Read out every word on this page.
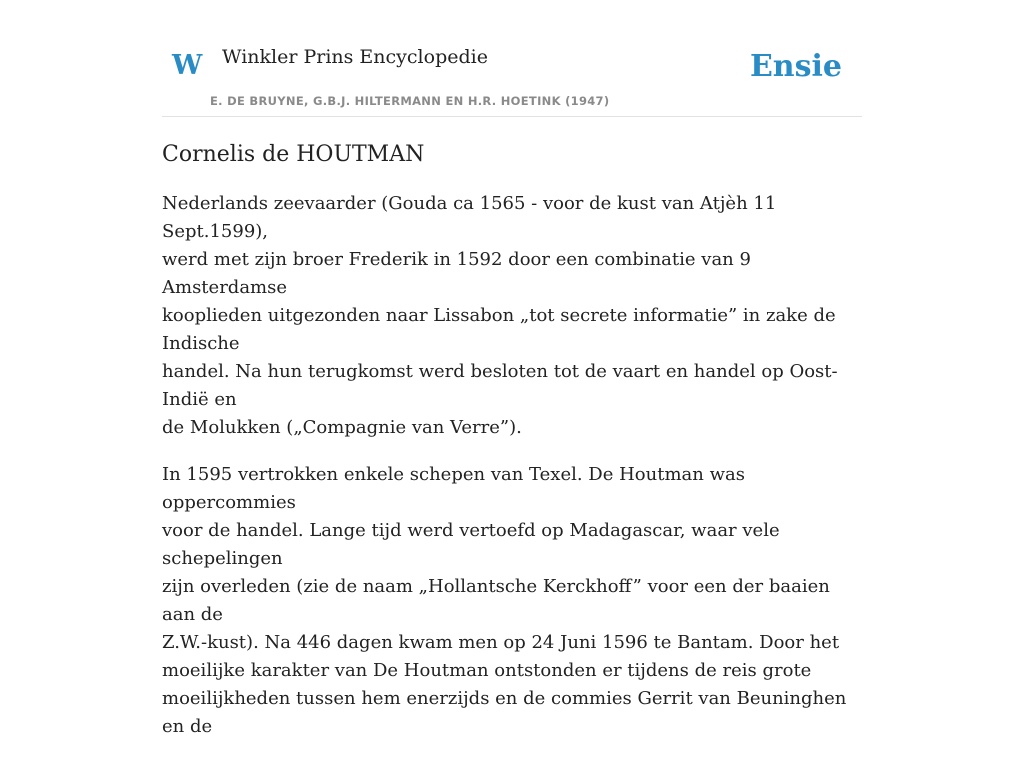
W Winkler Prins Encyclopedie
E. DE BRUYNE, G.B.J. HILTERMANN EN H.R. HOETINK (1947)
Ensie
Cornelis de HOUTMAN

Nederlands zeevaarder (Gouda ca 1565 - voor de kust van Atjèh 11 Sept.1599),
werd met zijn broer Frederik in 1592 door een combinatie van 9 Amsterdamse
kooplieden uitgezonden naar Lissabon „tot secrete informatie” in zake de Indische
handel. Na hun terugkomst werd besloten tot de vaart en handel op Oost-Indië en
de Molukken („Compagnie van Verre”).

In 1595 vertrokken enkele schepen van Texel. De Houtman was oppercommies
voor de handel. Lange tijd werd vertoefd op Madagascar, waar vele schepelingen
zijn overleden (zie de naam „Hollantsche Kerckhoff” voor een der baaien aan de
Z.W.-kust). Na 446 dagen kwam men op 24 Juni 1596 te Bantam. Door het
moeilijke karakter van De Houtman ontstonden er tijdens de reis grote
moeilijkheden tussen hem enerzijds en de commies Gerrit van Beuninghen en de
